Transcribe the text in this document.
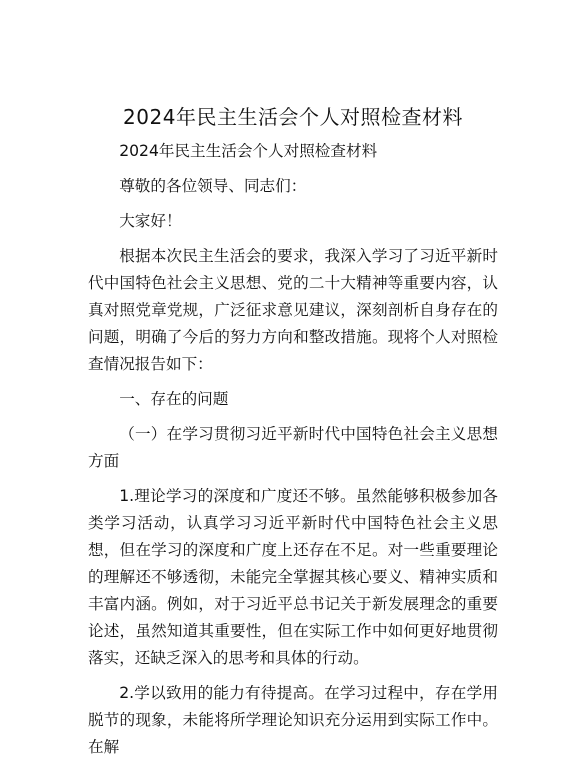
2024年民主生活会个人对照检查材料

2024年民主生活会个人对照检查材料

尊敬的各位领导、同志们：

大家好！

根据本次民主生活会的要求，我深入学习了习近平新时代中国特色社会主义思想、党的二十大精神等重要内容，认真对照党章党规，广泛征求意见建议，深刻剖析自身存在的问题，明确了今后的努力方向和整改措施。现将个人对照检查情况报告如下：

一、存在的问题

（一）在学习贯彻习近平新时代中国特色社会主义思想方面

1.理论学习的深度和广度还不够。虽然能够积极参加各类学习活动，认真学习习近平新时代中国特色社会主义思想，但在学习的深度和广度上还存在不足。对一些重要理论的理解还不够透彻，未能完全掌握其核心要义、精神实质和丰富内涵。例如，对于习近平总书记关于新发展理念的重要论述，虽然知道其重要性，但在实际工作中如何更好地贯彻落实，还缺乏深入的思考和具体的行动。

2.学以致用的能力有待提高。在学习过程中，存在学用脱节的现象，未能将所学理论知识充分运用到实际工作中。在解
